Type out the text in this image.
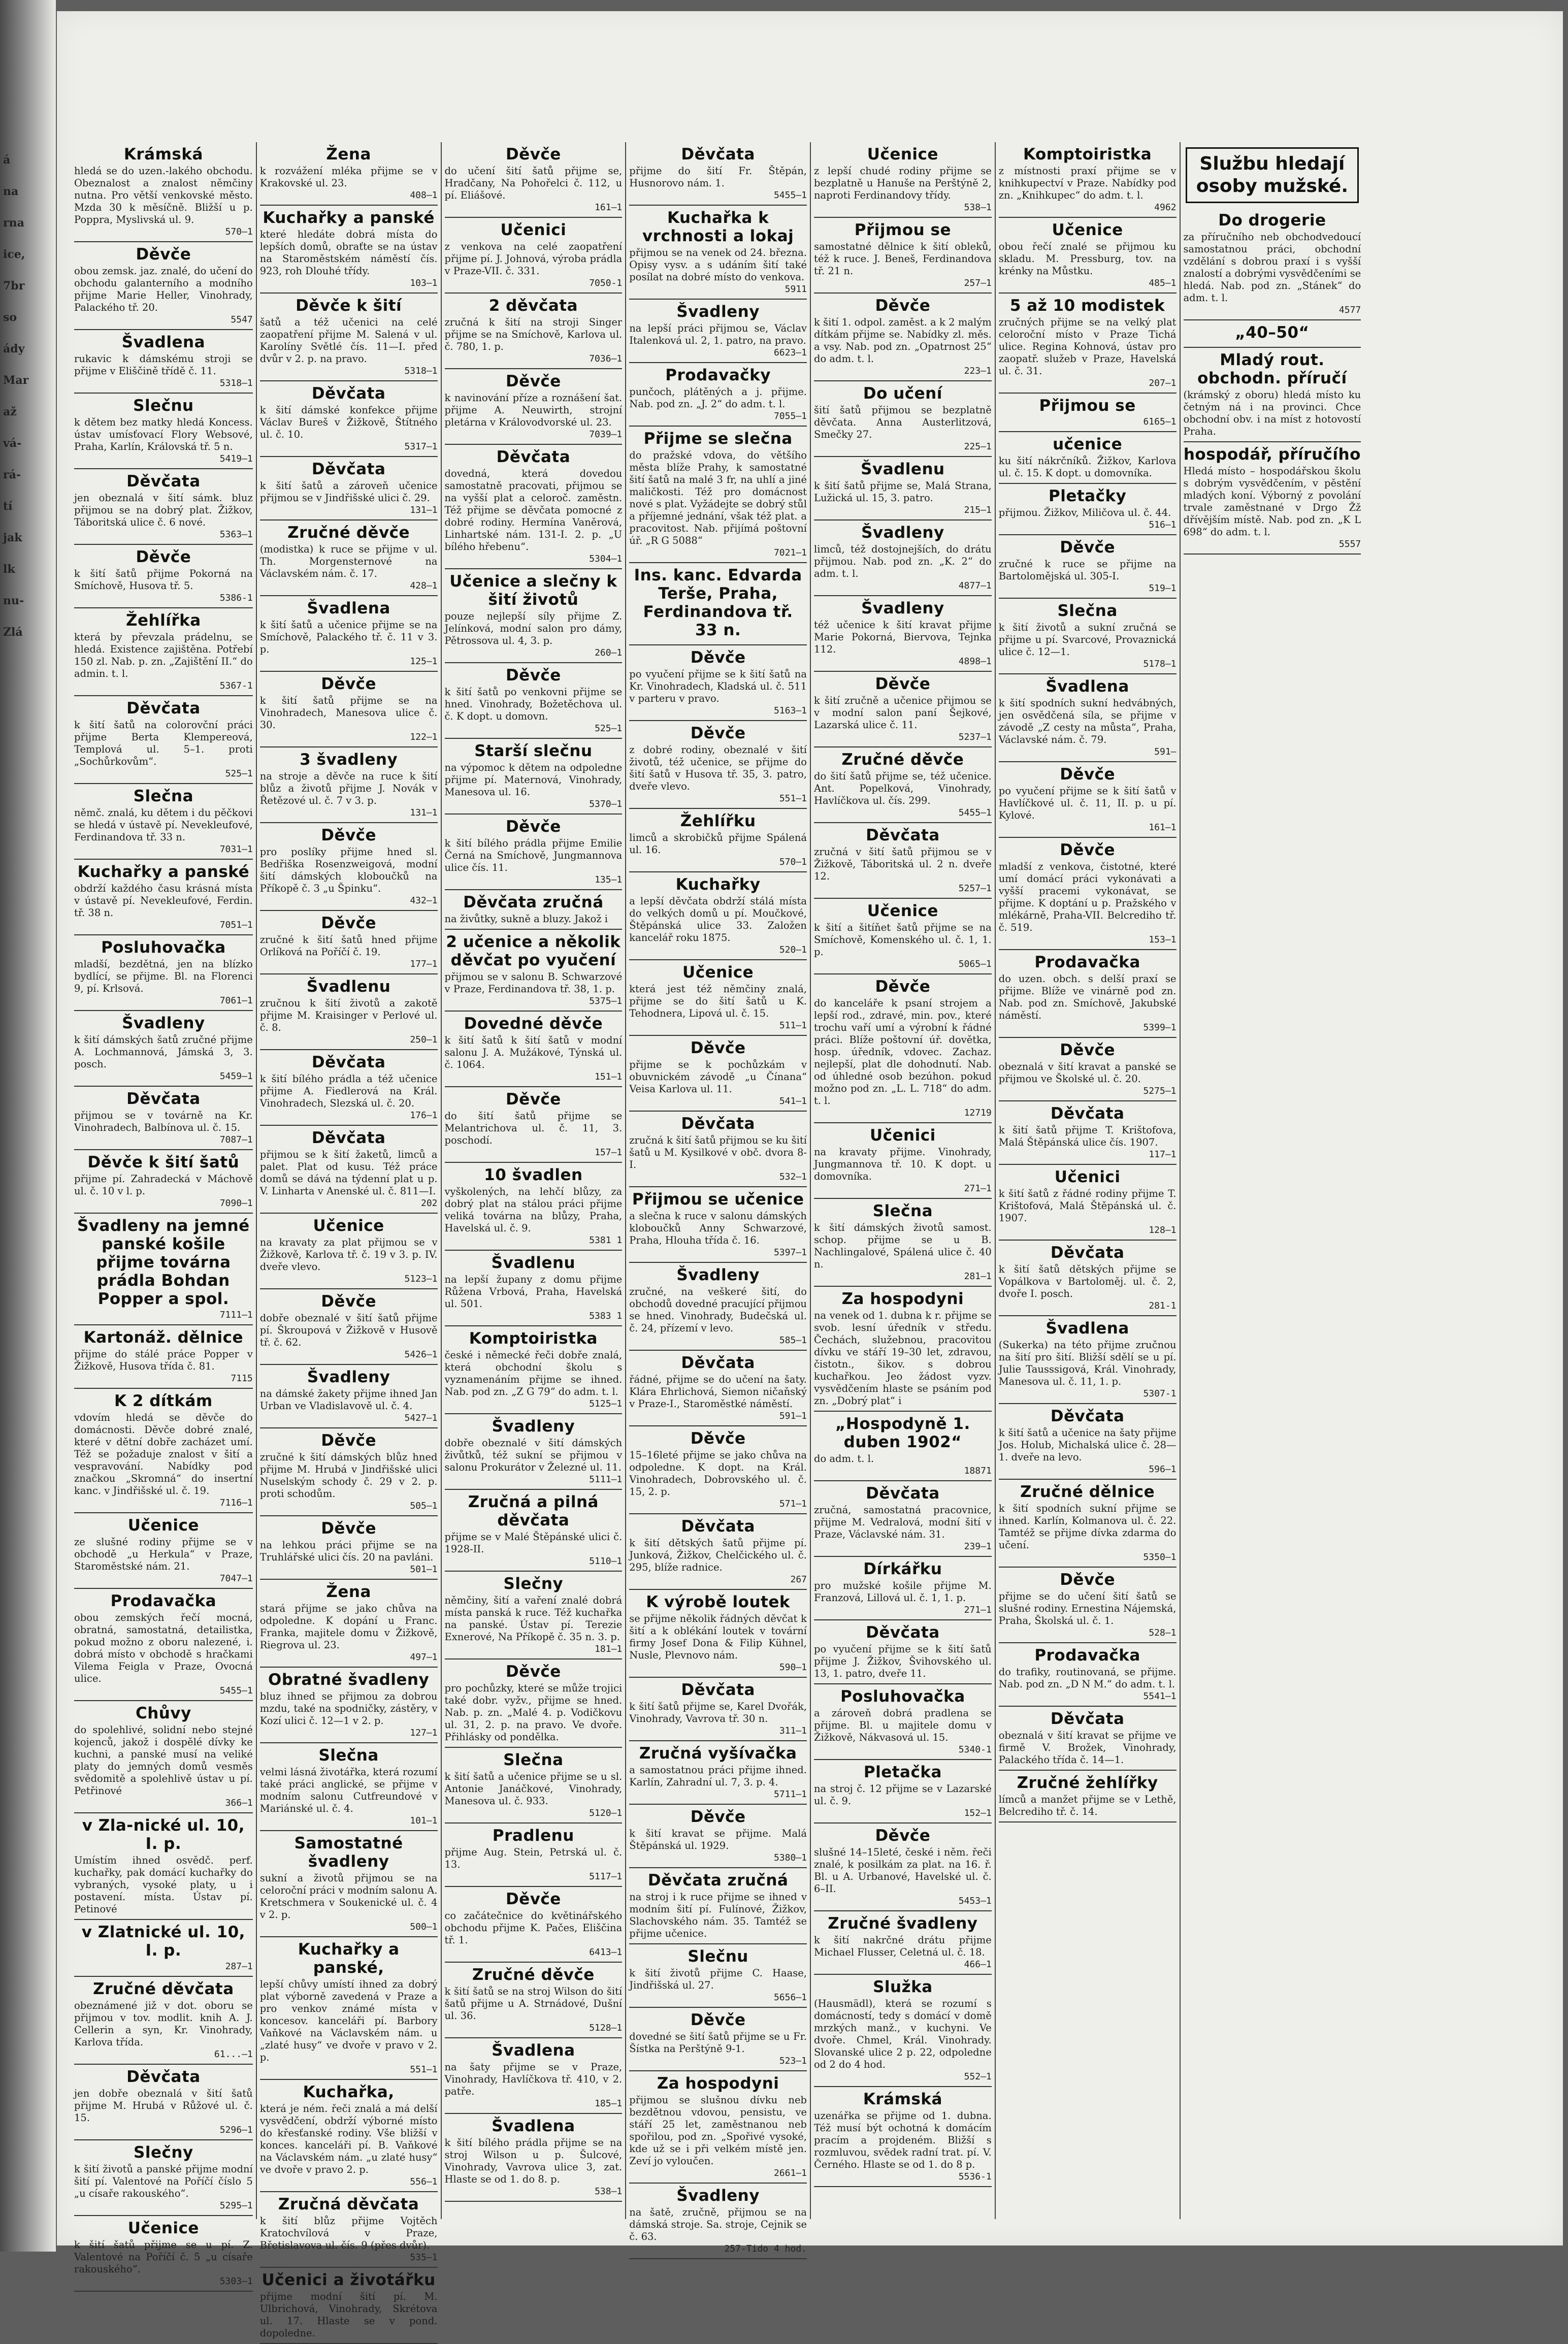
á
na
rna
ice,
7br
so
ády
Mar
až
vá-
rá-
tí
jak
lk
nu-
Zlá
Krámská

hledá se do uzen.-lakého obchodu. Obeznalost a znalost němčiny nutna. Pro větší venkovské město. Mzda 30 k měsíčně. Bližší u p. Poppra, Myslivská ul. 9.

570—1
Děvče

obou zemsk. jaz. znalé, do učení do obchodu galanterního a modního přijme Marie Heller, Vinohrady, Palackého tř. 20.

5547
Švadlena

rukavic k dámskému stroji se přijme v Eliščině třídě č. 11.

5318—1
Slečnu

k dětem bez matky hledá Koncess. ústav umísťovací Flory Websové, Praha, Karlín, Královská tř. 5 n.

5419—1
Děvčata

jen obeznalá v šití sámk. bluz přijmou se na dobrý plat. Žižkov, Táboritská ulice č. 6 nové.

5363—1
Děvče

k šití šatů přijme Pokorná na Smíchově, Husova tř. 5.

5386-1
Žehlířka

která by převzala prádelnu, se hledá. Existence zajištěna. Potřebí 150 zl. Nab. p. zn. „Zajištění II.“ do admin. t. l.

5367-1
Děvčata

k šití šatů na colorovční práci přijme Berta Klempereová, Templová ul. 5–1. proti „Sochůrkovům“.

525—1
Slečna

němč. znalá, ku dětem i du pěčkovi se hledá v ústavě pí. Nevekleufové, Ferdinandova tř. 33 n.

7031—1
Kuchařky a panské

obdrží každého času krásná místa v ústavě pí. Nevekleufové, Ferdin. tř. 38 n.

7051—1
Posluhovačka

mladší, bezdětná, jen na blízko bydlící, se přijme. Bl. na Florenci 9, pí. Krlsová.

7061—1
Švadleny

k šití dámských šatů zručné přijme A. Lochmannová, Jámská 3, 3. posch.

5459—1
Děvčata

přijmou se v továrně na Kr. Vinohradech, Balbínova ul. č. 15.

7087—1
Děvče k šití šatů

přijme pí. Zahradecká v Máchově ul. č. 10 v l. p.

7090—1
Švadleny na jemné panské košile přijme továrna prádla Bohdan Popper a spol.
7111—1
Kartonáž. dělnice

přijme do stálé práce Popper v Žižkově, Husova třída č. 81.

7115
K 2 dítkám

vdovím hledá se děvče do domácnosti. Děvče dobré znalé, které v dětní dobře zacházet umí. Též se požaduje znalost v šití a vespravování. Nabídky pod značkou „Skromná“ do insertní kanc. v Jindřišské ul. č. 19.

7116—1
Učenice

ze slušné rodiny přijme se v obchodě „u Herkula“ v Praze, Staroměstské nám. 21.

7047—1
Prodavačka

obou zemských řečí mocná, obratná, samostatná, detailistka, pokud možno z oboru nalezené, i. dobrá místo v obchodě s hračkami Vilema Feigla v Praze, Ovocná ulice.

5455—1
Chůvy

do spolehlivé, solidní nebo stejné kojenců, jakož i dospělé dívky ke kuchni, a panské musí na veliké platy do jemných domů vesměs svědomitě a spolehlivě ústav u pí. Petřinové

366—1
v Zla-nické ul. 10, I. p.

Umístím ihned osvědč. perf. kuchařky, pak domácí kuchařky do vybraných, vysoké platy, u i postavení. místa. Ústav pí. Petinové

v Zlatnické ul. 10, I. p.
287—1
Zručné děvčata

obeznámené již v dot. oboru se přijmou v tov. modlit. knih A. J. Cellerin a syn, Kr. Vinohrady, Karlova třída.

61...—1
Děvčata

jen dobře obeznalá v šití šatů přijme M. Hrubá v Růžové ul. č. 15.

5296—1
Slečny

k šití životů a panské přijme modní šití pí. Valentové na Poříčí číslo 5 „u císaře rakouského“.

5295—1
Učenice

k šití šatů přijme se u pí. Z. Valentové na Poříčí č. 5 „u císaře rakouského“.

5303—1
Žena

k rozvážení mléka přijme se v Krakovské ul. 23.

408—1
Kuchařky a panské

které hledáte dobrá místa do lepších domů, obraťte se na ústav na Staroměstském náměstí čís. 923, roh Dlouhé třídy.

103—1
Děvče k šití

šatů a též učenici na celé zaopatření přijme M. Salená v ul. Karolíny Světlé čís. 11—I. před dvůr v 2. p. na pravo.

5318—1
Děvčata

k šití dámské konfekce přijme Václav Bureš v Žižkově, Štítného ul. č. 10.

5317—1
Děvčata

k šití šatů a zároveň učenice přijmou se v Jindřišské ulici č. 29.

131—1
Zručné děvče

(modistka) k ruce se přijme v ul. Th. Morgensternové na Václavském nám. č. 17.

428—1
Švadlena

k šití šatů a učenice přijme se na Smíchově, Palackého tř. č. 11 v 3. p.

125—1
Děvče

k šití šatů přijme se na Vinohradech, Manesova ulice č. 30.

122—1
3 švadleny

na stroje a děvče na ruce k šití blůz a životů přijme J. Novák v Řetězové ul. č. 7 v 3. p.

131—1
Děvče

pro poslíky přijme hned sl. Bedřiška Rosenzweigová, modní šití dámských kloboučků na Příkopě č. 3 „u Špinku“.

432—1
Děvče

zručné k šití šatů hned přijme Orlíková na Poříčí č. 19.

177—1
Švadlenu

zručnou k šití životů a zakotě přijme M. Kraisinger v Perlové ul. č. 8.

250—1
Děvčata

k šití bílého prádla a též učenice přijme A. Fiedlerová na Král. Vinohradech, Slezská ul. č. 20.

176—1
Děvčata

přijmou se k šití žaketů, limců a palet. Plat od kusu. Též práce domů se dává na týdenní plat u p. V. Linharta v Anenské ul. č. 811—I.

202
Učenice

na kravaty za plat přijmou se v Žižkově, Karlova tř. č. 19 v 3. p. IV. dveře vlevo.

5123—1
Děvče

dobře obeznalé v šití šatů přijme pí. Škroupová v Žižkově v Husově tř. č. 62.

5426—1
Švadleny

na dámské žakety přijme ihned Jan Urban ve Vladislavově ul. č. 4.

5427—1
Děvče

zručné k šití dámských blůz hned přijme M. Hrubá v Jindřišské ulici Nuselským schody č. 29 v 2. p. proti schodům.

505—1
Děvče

na lehkou práci přijme se na Truhlářské ulici čís. 20 na pavláni.

501—1
Žena

stará přijme se jako chůva na odpoledne. K dopání u Franc. Franka, majitele domu v Žižkově, Riegrova ul. 23.

497—1
Obratné švadleny

bluz ihned se přijmou za dobrou mzdu, také na spodničky, zástěry, v Kozí ulici č. 12—1 v 2. p.

127—1
Slečna

velmi lásná životářka, která rozumí také práci anglické, se přijme v modním salonu Cutfreundové v Mariánské ul. č. 4.

101—1
Samostatné švadleny

sukní a životů přijmou se na celoroční práci v modním salonu A. Kretschmera v Soukenické ul. č. 4 v 2. p.

500—1
Kuchařky a panské,

lepší chůvy umístí ihned za dobrý plat výborně zavedená v Praze a pro venkov známé místa v koncesov. kanceláři pí. Barbory Vaňkové na Václavském nám. u „zlaté husy“ ve dvoře v pravo v 2. p.

551—1
Kuchařka,

která je ném. řeči znalá a má delší vysvědčení, obdrží výborné místo do křesťanské rodiny. Vše bližší v konces. kanceláři pí. B. Vaňkové na Václavském nám. „u zlaté husy“ ve dvoře v pravo 2. p.

556—1
Zručná děvčata

k šití blůz přijme Vojtěch Kratochvílová v Praze, Břetislavova ul. čís. 9 (přes dvůr).

535—1
Učenici a životářku

přijme modní šití pí. M. Ulbrichová, Vinohrady, Skrétova ul. 17. Hlaste se v pond. dopoledne.

Děvče

do učení šití šatů přijme se, Hradčany, Na Pohořelci č. 112, u pí. Eliášové.

161—1
Učenici

z venkova na celé zaopatření přijme pí. J. Johnová, výroba prádla v Praze-VII. č. 331.

7050-1
2 děvčata

zručná k šití na stroji Singer přijme se na Smíchově, Karlova ul. č. 780, 1. p.

7036—1
Děvče

k navinování příze a roznášení šat. přijme A. Neuwirth, strojní pletárna v Královodvorské ul. 23.

7039—1
Děvčata

dovedná, která dovedou samostatně pracovati, přijmou se na vyšší plat a celoroč. zaměstn. Též přijme se děvčata pomocné z dobré rodiny. Hermína Vaněrová, Linhartské nám. 131-I. 2. p. „U bílého hřebenu“.

5304—1
Učenice a slečny k šití životů

pouze nejlepší síly přijme Z. Jelínková, modní salon pro dámy, Pětrossova ul. 4, 3. p.

260—1
Děvče

k šití šatů po venkovni přijme se hned. Vinohrady, Božetěchova ul. č. K dopt. u domovn.

525—1
Starší slečnu

na výpomoc k dětem na odpoledne přijme pí. Maternová, Vinohrady, Manesova ul. 16.

5370—1
Děvče

k šití bílého prádla přijme Emilie Černá na Smíchově, Jungmannova ulice čís. 11.

135—1
Děvčata zručná

na živůtky, sukně a bluzy. Jakož i

2 učenice a několik děvčat po vyučení

přijmou se v salonu B. Schwarzové v Praze, Ferdinandova tř. 38, 1. p.

5375—1
Dovedné děvče

k šití šatů k šití šatů v modní salonu J. A. Mužákové, Týnská ul. č. 1064.

151—1
Děvče

do šití šatů přijme se Melantrichova ul. č. 11, 3. poschodí.

157—1
10 švadlen

vyškolených, na lehčí blůzy, za dobrý plat na stálou práci přijme veliká továrna na blůzy, Praha, Havelská ul. č. 9.

5381 1
Švadlenu

na lepší župany z domu přijme Růžena Vrbová, Praha, Havelská ul. 501.

5383 1
Komptoiristka

české i německé řeči dobře znalá, která obchodní školu s vyznamenáním přijme se ihned. Nab. pod zn. „Z G 79“ do adm. t. l.

5125—1
Švadleny

dobře obeznalé v šití dámských živůtků, též sukní se přijmou v salonu Prokurátor v Železné ul. 11.

5111—1
Zručná a pilná děvčata

přijme se v Malé Štěpánské ulici č. 1928-II.

5110—1
Slečny

němčiny, šití a vaření znalé dobrá místa panská k ruce. Též kuchařka na panské. Ústav pí. Terezie Exnerové, Na Příkopě č. 35 n. 3. p.

181—1
Děvče

pro pochůzky, které se může trojici také dobr. vyžv., přijme se hned. Nab. p. zn. „Malé 4. p. Vodičkovu ul. 31, 2. p. na pravo. Ve dvoře. Přihlásky od pondělka.

Slečna

k šití šatů a učenice přijme se u sl. Antonie Janáčkové, Vinohrady, Manesova ul. č. 933.

5120—1
Pradlenu

přijme Aug. Stein, Petrská ul. č. 13.

5117—1
Děvče

co začátečnice do květinářského obchodu přijme K. Pačes, Eliščina tř. 1.

6413—1
Zručné děvče

k šití šatů se na stroj Wilson do šití šatů přijme u A. Strnádové, Dušní ul. 36.

5128—1
Švadlena

na šaty přijme se v Praze, Vinohrady, Havlíčkova tř. 410, v 2. patře.

185—1
Švadlena

k šití bílého prádla přijme se na stroj Wilson u p. Šulcové, Vinohrady, Vavrova ulice 3, zat. Hlaste se od 1. do 8. p.

538—1
Děvčata

přijme do šití Fr. Štěpán, Husnorovo nám. 1.

5455—1
Kuchařka k vrchnosti a lokaj

přijmou se na venek od 24. března. Opisy vysv. a s udáním šití také posílat na dobré místo do venkova.

5911
Švadleny

na lepší práci přijmou se, Václav Italenková ul. 2, 1. patro, na pravo.

6623—1
Prodavačky

punčoch, plátěných a j. přijme. Nab. pod zn. „J. 2“ do adm. t. l.

7055—1
Přijme se slečna

do pražské vdova, do většího města blíže Prahy, k samostatné šití šatů na malé 3 fr, na uhlí a jiné maličkosti. Též pro domácnost nové s plat. Vyžádejte se dobrý stůl a příjemné jednání, však též plat. a pracovitost. Nab. přijímá poštovní úř. „R G 5088“

7021—1
Ins. kanc. Edvarda Terše, Praha, Ferdinandova tř. 33 n.
Děvče

po vyučení přijme se k šití šatů na Kr. Vinohradech, Kladská ul. č. 511 v parteru v pravo.

5163—1
Děvče

z dobré rodiny, obeznalé v šití životů, též učenice, se přijme do šití šatů v Husova tř. 35, 3. patro, dveře vlevo.

551—1
Žehlířku

limců a skrobičků přijme Spálená ul. 16.

570—1
Kuchařky

a lepší děvčata obdrží stálá místa do velkých domů u pí. Moučkové, Štěpánská ulice 33. Založen kancelář roku 1875.

520—1
Učenice

která jest též němčiny znalá, přijme se do šití šatů u K. Tehodnera, Lipová ul. č. 15.

511—1
Děvče

přijme se k pochůzkám v obuvnickém závodě „u Čínana“ Veisa Karlova ul. 11.

541—1
Děvčata

zručná k šití šatů přijmou se ku šití šatů u M. Kysilkové v obč. dvora 8-I.

532—1
Přijmou se učenice

a slečna k ruce v salonu dámských kloboučků Anny Schwarzové, Praha, Hlouha třída č. 16.

5397—1
Švadleny

zručné, na veškeré šití, do obchodů dovedné pracující přijmou se hned. Vinohrady, Budečská ul. č. 24, přízemí v levo.

585—1
Děvčata

řádné, přijme se do učení na šaty. Klára Ehrlichová, Siemon ničaňský v Praze-I., Staroměstké náměstí.

591—1
Děvče

15–16leté přijme se jako chůva na odpoledne. K dopt. na Král. Vinohradech, Dobrovského ul. č. 15, 2. p.

571—1
Děvčata

k šití dětských šatů přijme pí. Junková, Žižkov, Chelčického ul. č. 295, blíže radnice.

267
K výrobě loutek

se přijme několik řádných děvčat k šití a k oblékání loutek v tovární firmy Josef Dona & Filip Kühnel, Nusle, Plevnovo nám.

590—1
Děvčata

k šití šatů přijme se, Karel Dvořák, Vinohrady, Vavrova tř. 30 n.

311—1
Zručná vyšívačka

a samostatnou práci přijme ihned. Karlín, Zahradní ul. 7, 3. p. 4.

5711—1
Děvče

k šití kravat se přijme. Malá Štěpánská ul. 1929.

5380—1
Děvčata zručná

na stroj i k ruce přijme se ihned v modním šití pí. Fulínové, Žižkov, Slachovského nám. 35. Tamtéž se přijme učenice.

Slečnu

k šití životů přijme C. Haase, Jindřišská ul. 27.

5656—1
Děvče

dovedné se šití šatů přijme se u Fr. Šístka na Perštýně 9-1.

523—1
Za hospodyni

přijmou se slušnou dívku neb bezdětnou vdovou, pensistu, ve stáří 25 let, zaměstnanou neb spořilou, pod zn. „Spořivé vysoké, kde už se i při velkém místě jen. Zeví jo vyloučen.

2661—1
Švadleny

na šatě, zručně, přijmou se na dámská stroje. Sa. stroje, Cejnik se č. 63.

257-Tido 4 hod.
Učenice

z lepší chudé rodiny přijme se bezplatně u Hanuše na Perštýně 2, naproti Ferdinandovy třídy.

538—1
Přijmou se

samostatné dělnice k šití obleků, též k ruce. J. Beneš, Ferdinandova tř. 21 n.

257—1
Děvče

k šití 1. odpol. zaměst. a k 2 malým dítkám přijme se. Nabídky zl. měs. a vsy. Nab. pod zn. „Opatrnost 25“ do adm. t. l.

223—1
Do učení

šití šatů přijmou se bezplatně děvčata. Anna Austerlitzová, Smečky 27.

225—1
Švadlenu

k šití šatů přijme se, Malá Strana, Lužická ul. 15, 3. patro.

215—1
Švadleny

limců, též dostojnejších, do drátu přijmou. Nab. pod zn. „K. 2“ do adm. t. l.

4877—1
Švadleny

též učenice k šití kravat přijme Marie Pokorná, Biervova, Tejnka 112.

4898—1
Děvče

k šití zručně a učenice přijmou se v modní salon paní Šejkové, Lazarská ulice č. 11.

5237—1
Zručné děvče

do šití šatů přijme se, též učenice. Ant. Popelková, Vinohrady, Havlíčkova ul. čís. 299.

5455—1
Děvčata

zručná v šití šatů přijmou se v Žižkově, Táboritská ul. 2 n. dveře 12.

5257—1
Učenice

k šití a šitíňet šatů přijme se na Smíchově, Komenského ul. č. 1, 1. p.

5065—1
Děvče

do kanceláře k psaní strojem a lepší rod., zdravé, min. pov., které trochu vaří umí a výrobní k řádné práci. Blíže poštovní úř. dovětka, hosp. úředník, vdovec. Zachaz. nejlepší, plat dle dohodnutí. Nab. od úhledné osob bezúhon. pokud možno pod zn. „L. L. 718“ do adm. t. l.

12719
Učenici

na kravaty přijme. Vinohrady, Jungmannova tř. 10. K dopt. u domovníka.

271—1
Slečna

k šití dámských životů samost. schop. přijme se u B. Nachlingalové, Spálená ulice č. 40 n.

281—1
Za hospodyni

na venek od 1. dubna k r. přijme se svob. lesní úředník v středu. Čechách, služebnou, pracovitou dívku ve stáří 19–30 let, zdravou, čistotn., šikov. s dobrou kuchařkou. Jeo žádost vyzv. vysvědčením hlaste se psáním pod zn. „Dobrý plat“ i

„Hospodyně 1. duben 1902“

do adm. t. l.

18871
Děvčata

zručná, samostatná pracovnice, přijme M. Vedralová, modní šití v Praze, Václavské nám. 31.

239—1
Dírkářku

pro mužské košile přijme M. Franzová, Lillová ul. č. 1, 1. p.

271—1
Děvčata

po vyučení přijme se k šití šatů přijme J. Žižkov, Švihovského ul. 13, 1. patro, dveře 11.

Posluhovačka

a zároveň dobrá pradlena se přijme. Bl. u majitele domu v Žižkově, Nákvasová ul. 15.

5340-1
Pletačka

na stroj č. 12 přijme se v Lazarské ul. č. 9.

152—1
Děvče

slušné 14–15leté, české i něm. řeči znalé, k posilkám za plat. na 16. ř. Bl. u A. Urbanové, Havelské ul. č. 6–II.

5453—1
Zručné švadleny

k šití nakrčné drátu přijme Michael Flusser, Celetná ul. č. 18.

466—1
Služka

(Hausmädl), která se rozumí s domácností, tedy s domácí v domě mrzkých manž., v kuchyni. Ve dvoře. Chmel, Král. Vinohrady. Slovanské ulice 2 p. 22, odpoledne od 2 do 4 hod.

552—1
Krámská

uzenářka se přijme od 1. dubna. Též musí být ochotná k domácím pracím a projdeném. Bližší s rozmluvou, svědek radní trat. pí. V. Černého. Hlaste se od 1. do 8 p.

5536-1
Komptoiristka

z místnosti praxí přijme se v knihkupectví v Praze. Nabídky pod zn. „Knihkupec“ do adm. t. l.

4962
Učenice

obou řečí znalé se přijmou ku skladu. M. Pressburg, tov. na krénky na Můstku.

485—1
5 až 10 modistek

zručných přijme se na velký plat celoroční místo v Praze Tichá ulice. Regina Kohnová, ústav pro zaopatř. služeb v Praze, Havelská ul. č. 31.

207—1
Přijmou se
6165—1
učenice

ku šití nákrčníků. Žižkov, Karlova ul. č. 15. K dopt. u domovníka.

Pletačky

přijmou. Žižkov, Miličova ul. č. 44.

516—1
Děvče

zručné k ruce se přijme na Bartolomějská ul. 305-I.

519—1
Slečna

k šití životů a sukní zručná se přijme u pí. Svarcové, Provaznická ulice č. 12—1.

5178—1
Švadlena

k šití spodních sukní hedvábných, jen osvědčená síla, se přijme v závodě „Z cesty na můsta“, Praha, Václavské nám. č. 79.

591—
Děvče

po vyučení přijme se k šití šatů v Havlíčkové ul. č. 11, II. p. u pí. Kylové.

161—1
Děvče

mladší z venkova, čistotné, které umí domácí práci vykonávati a vyšší pracemi vykonávat, se přijme. K doptání u p. Pražského v mlékárně, Praha-VII. Belcrediho tř. č. 519.

153—1
Prodavačka

do uzen. obch. s delší praxí se přijme. Blíže ve vinárně pod zn. Nab. pod zn. Smíchově, Jakubské náměstí.

5399—1
Děvče

obeznalá v šití kravat a panské se přijmou ve Školské ul. č. 20.

5275—1
Děvčata

k šití šatů přijme T. Krištofova, Malá Štěpánská ulice čís. 1907.

117—1
Učenici

k šití šatů z řádné rodiny přijme T. Krištofová, Malá Štěpánská ul. č. 1907.

128—1
Děvčata

k šití šatů dětských přijme se Vopálkova v Bartoloměj. ul. č. 2, dvoře I. posch.

281-1
Švadlena

(Sukerka) na této přijme zručnou na šití pro šití. Bližší sdělí se u pí. Julie Tausssigová, Král. Vinohrady, Manesova ul. č. 11, 1. p.

5307-1
Děvčata

k šití šatů a učenice na šaty přijme Jos. Holub, Michalská ulice č. 28—1. dveře na levo.

596—1
Zručné dělnice

k šití spodních sukní přijme se ihned. Karlín, Kolmanova ul. č. 22. Tamtéž se přijme dívka zdarma do učení.

5350—1
Děvče

přijme se do učení šití šatů se slušné rodiny. Ernestina Nájemská, Praha, Školská ul. č. 1.

528—1
Prodavačka

do trafiky, routinovaná, se přijme. Nab. pod zn. „D N M.“ do adm. t. l.

5541—1
Děvčata

obeznalá v šití kravat se přijme ve firmě V. Brožek, Vinohrady, Palackého třída č. 14—1.

Zručné žehlířky

límců a manžet přijme se v Lethě, Belcrediho tř. č. 14.

Službu hledají osoby mužské.
Do drogerie

za příručního neb obchodvedoucí samostatnou práci, obchodní vzdělání s dobrou praxí i s vyšší znalostí a dobrými vysvědčeními se hledá. Nab. pod zn. „Stánek“ do adm. t. l.

4577
„40–50“
Mladý rout. obchodn. příručí

(krámský z oboru) hledá místo ku četným ná i na provinci. Chce obchodní obv. i na míst z hotovostí Praha.

hospodář, příručího

Hledá místo – hospodářskou školu s dobrým vysvědčením, v pěstění mladých koní. Výborný z povolání trvale zaměstnané v Drgo Žž dřívějším místě. Nab. pod zn. „K L 698“ do adm. t. l.

5557
